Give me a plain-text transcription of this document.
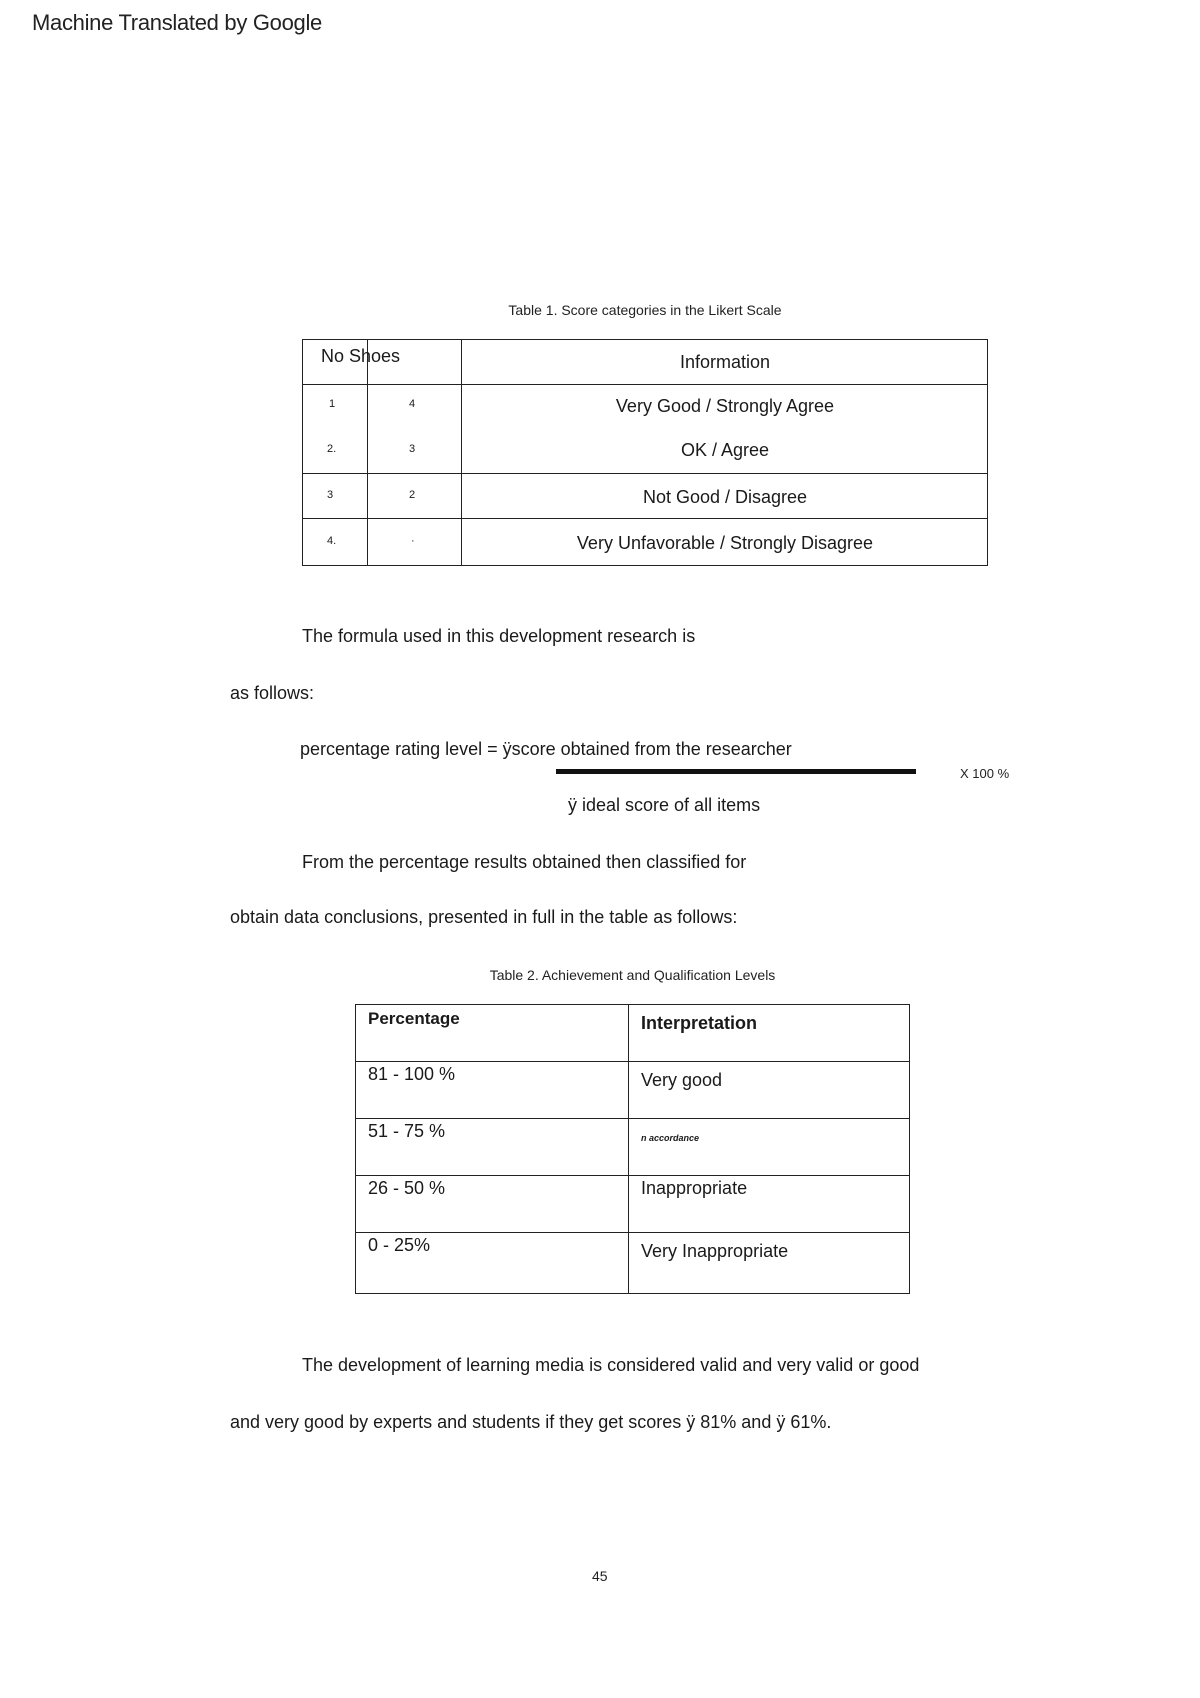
Machine Translated by Google
Table 1. Score categories in the Likert Scale
No Shoes	Information
1	4	Very Good / Strongly Agree
2.	3	OK / Agree
3	2	Not Good / Disagree
4.	·	Very Unfavorable / Strongly Disagree
The formula used in this development research is
as follows:
percentage rating level = ÿscore obtained from the researcher
X 100 %
ÿ ideal score of all items
From the percentage results obtained then classified for
obtain data conclusions, presented in full in the table as follows:
Table 2. Achievement and Qualification Levels
Percentage	Interpretation
81 - 100 %	Very good
51 - 75 %	n accordance
26 - 50 %	Inappropriate
0 - 25%	Very Inappropriate
The development of learning media is considered valid and very valid or good
and very good by experts and students if they get scores ÿ 81% and ÿ 61%.
45
